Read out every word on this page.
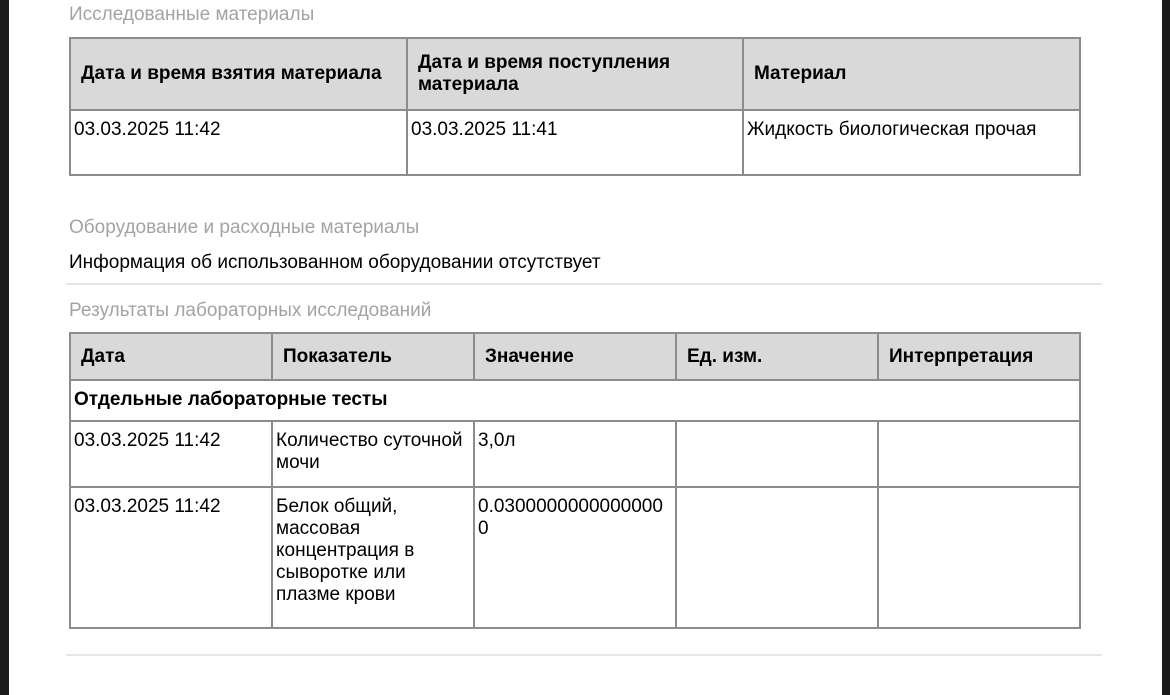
Исследованные материалы
Дата и время взятия материала	Дата и время поступления материала	Материал
03.03.2025 11:42	03.03.2025 11:41	Жидкость биологическая прочая
Оборудование и расходные материалы
Информация об использованном оборудовании отсутствует
Результаты лабораторных исследований
Дата	Показатель	Значение	Ед. изм.	Интерпретация
Отдельные лабораторные тесты				
03.03.2025 11:42	Количество суточной мочи	3,0л		
03.03.2025 11:42	Белок общий, массовая концентрация в сыворотке или плазме крови	0.03000000000000000		
